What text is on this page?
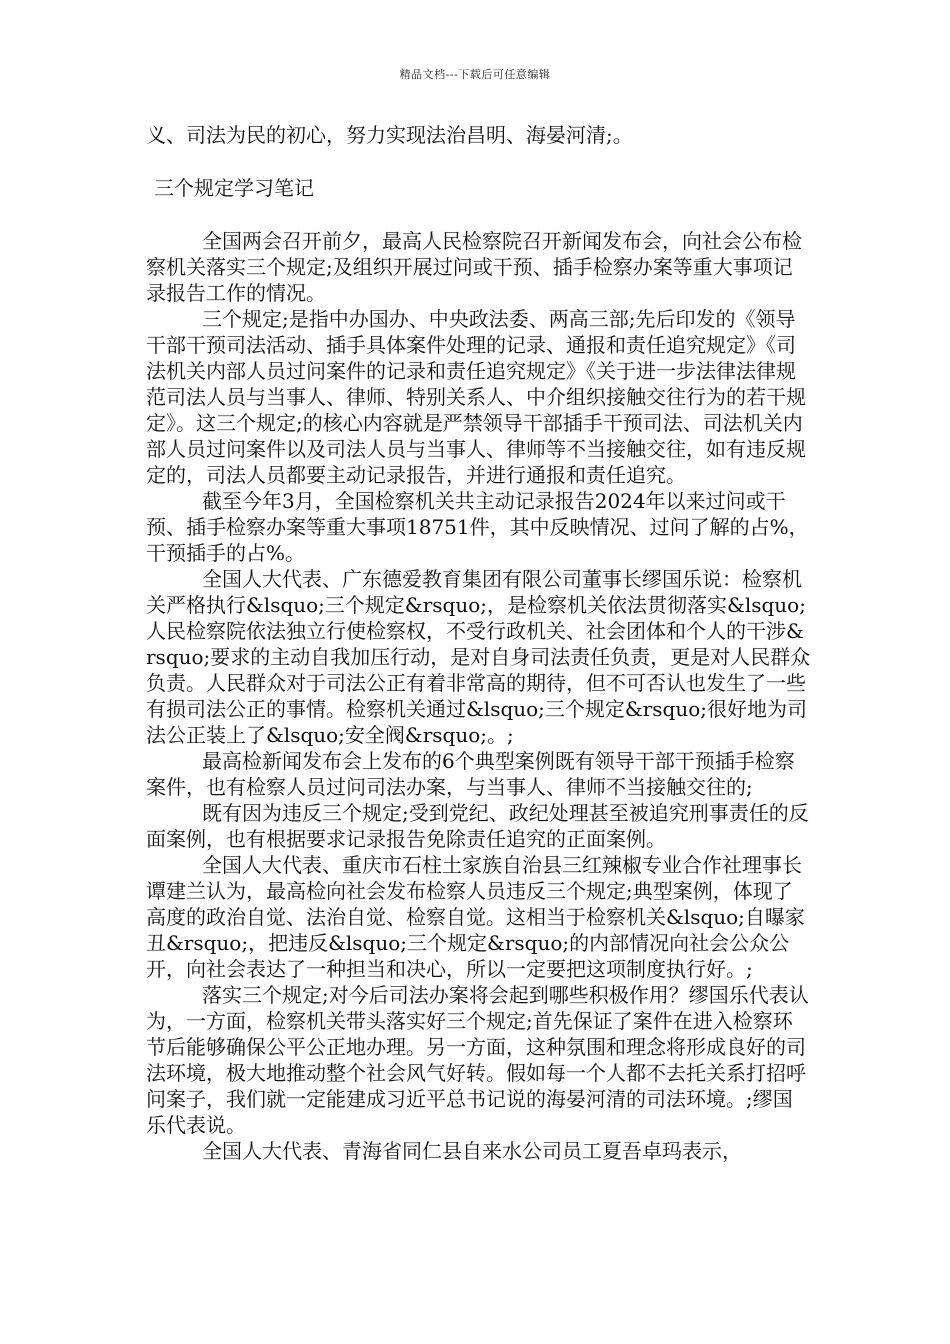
精品文档---下载后可任意编辑

义、司法为民的初心，努力实现法治昌明、海晏河清;。

三个规定学习笔记

全国两会召开前夕，最高人民检察院召开新闻发布会，向社会公布检察机关落实三个规定;及组织开展过问或干预、插手检察办案等重大事项记录报告工作的情况。

三个规定;是指中办国办、中央政法委、两高三部;先后印发的《领导干部干预司法活动、插手具体案件处理的记录、通报和责任追究规定》《司法机关内部人员过问案件的记录和责任追究规定》《关于进一步法律法律规范司法人员与当事人、律师、特别关系人、中介组织接触交往行为的若干规定》。这三个规定;的核心内容就是严禁领导干部插手干预司法、司法机关内部人员过问案件以及司法人员与当事人、律师等不当接触交往，如有违反规定的，司法人员都要主动记录报告，并进行通报和责任追究。

截至今年3月，全国检察机关共主动记录报告2024年以来过问或干预、插手检察办案等重大事项18751件，其中反映情况、过问了解的占%，干预插手的占%。

全国人大代表、广东德爱教育集团有限公司董事长缪国乐说：检察机关严格执行&lsquo;三个规定&rsquo;，是检察机关依法贯彻落实&lsquo;人民检察院依法独立行使检察权，不受行政机关、社会团体和个人的干涉&rsquo;要求的主动自我加压行动，是对自身司法责任负责，更是对人民群众负责。人民群众对于司法公正有着非常高的期待，但不可否认也发生了一些有损司法公正的事情。检察机关通过&lsquo;三个规定&rsquo;很好地为司法公正装上了&lsquo;安全阀&rsquo;。;

最高检新闻发布会上发布的6个典型案例既有领导干部干预插手检察案件，也有检察人员过问司法办案，与当事人、律师不当接触交往的;

既有因为违反三个规定;受到党纪、政纪处理甚至被追究刑事责任的反面案例，也有根据要求记录报告免除责任追究的正面案例。

全国人大代表、重庆市石柱土家族自治县三红辣椒专业合作社理事长谭建兰认为，最高检向社会发布检察人员违反三个规定;典型案例，体现了高度的政治自觉、法治自觉、检察自觉。这相当于检察机关&lsquo;自曝家丑&rsquo;，把违反&lsquo;三个规定&rsquo;的内部情况向社会公众公开，向社会表达了一种担当和决心，所以一定要把这项制度执行好。;

落实三个规定;对今后司法办案将会起到哪些积极作用？缪国乐代表认为，一方面，检察机关带头落实好三个规定;首先保证了案件在进入检察环节后能够确保公平公正地办理。另一方面，这种氛围和理念将形成良好的司法环境，极大地推动整个社会风气好转。假如每一个人都不去托关系打招呼问案子，我们就一定能建成习近平总书记说的海晏河清的司法环境。;缪国乐代表说。

全国人大代表、青海省同仁县自来水公司员工夏吾卓玛表示，
